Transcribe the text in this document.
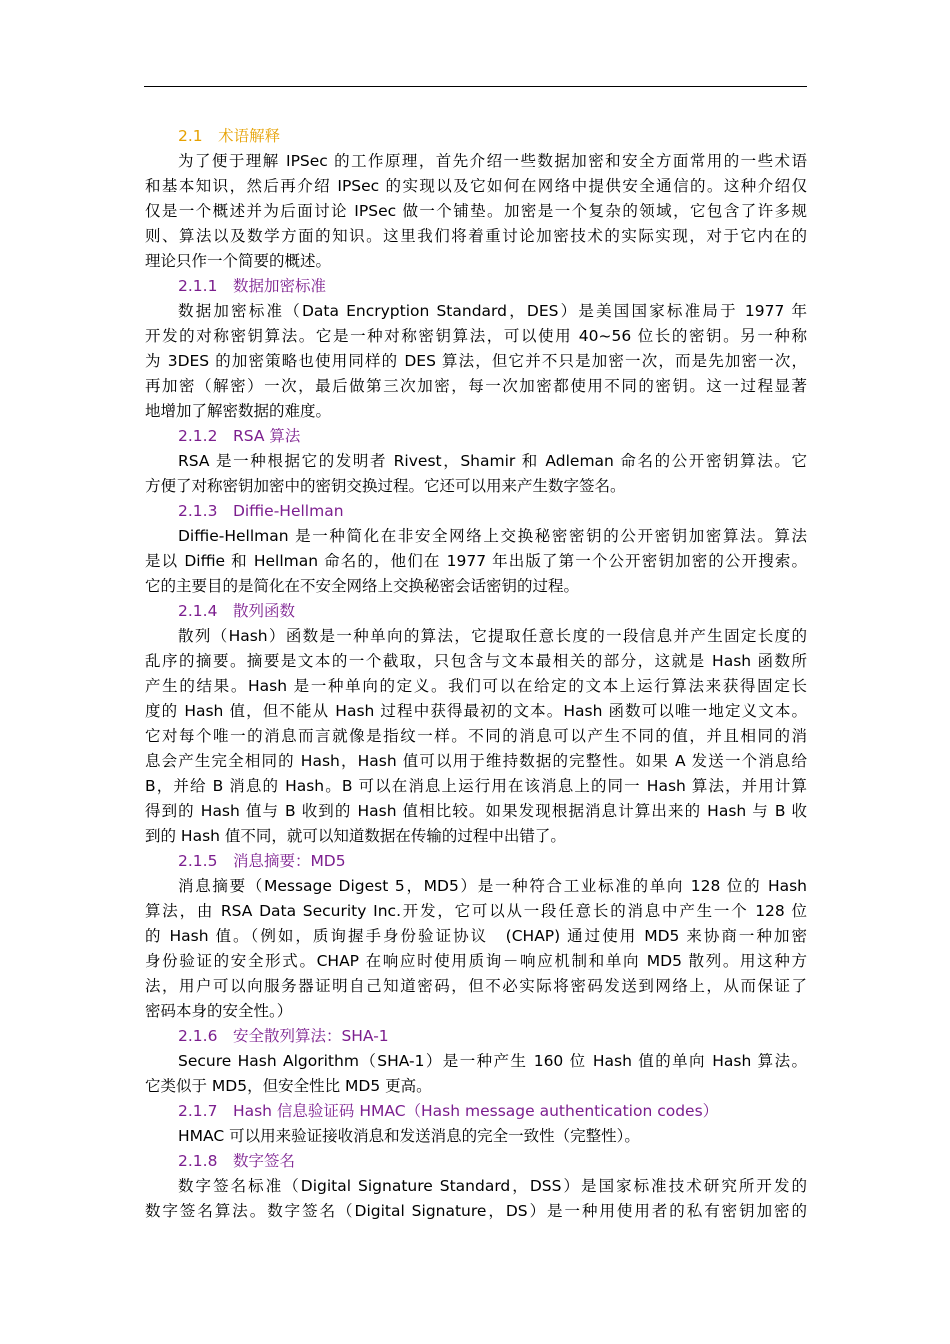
2.1　术语解释
为了便于理解 IPSec 的工作原理，首先介绍一些数据加密和安全方面常用的一些术语
和基本知识，然后再介绍 IPSec 的实现以及它如何在网络中提供安全通信的。这种介绍仅
仅是一个概述并为后面讨论 IPSec 做一个铺垫。加密是一个复杂的领域，它包含了许多规
则、算法以及数学方面的知识。这里我们将着重讨论加密技术的实际实现，对于它内在的
理论只作一个简要的概述。
2.1.1　数据加密标准
数据加密标准（Data Encryption Standard，DES）是美国国家标准局于 1977 年
开发的对称密钥算法。它是一种对称密钥算法，可以使用 40~56 位长的密钥。另一种称
为 3DES 的加密策略也使用同样的 DES 算法，但它并不只是加密一次，而是先加密一次，
再加密（解密）一次，最后做第三次加密，每一次加密都使用不同的密钥。这一过程显著
地增加了解密数据的难度。
2.1.2　RSA 算法
RSA 是一种根据它的发明者 Rivest，Shamir 和 Adleman 命名的公开密钥算法。它
方便了对称密钥加密中的密钥交换过程。它还可以用来产生数字签名。
2.1.3　Diffie-Hellman
Diffie-Hellman 是一种简化在非安全网络上交换秘密密钥的公开密钥加密算法。算法
是以 Diffie 和 Hellman 命名的，他们在 1977 年出版了第一个公开密钥加密的公开搜索。
它的主要目的是简化在不安全网络上交换秘密会话密钥的过程。
2.1.4　散列函数
散列（Hash）函数是一种单向的算法，它提取任意长度的一段信息并产生固定长度的
乱序的摘要。摘要是文本的一个截取，只包含与文本最相关的部分，这就是 Hash 函数所
产生的结果。Hash 是一种单向的定义。我们可以在给定的文本上运行算法来获得固定长
度的 Hash 值，但不能从 Hash 过程中获得最初的文本。Hash 函数可以唯一地定义文本。
它对每个唯一的消息而言就像是指纹一样。不同的消息可以产生不同的值，并且相同的消
息会产生完全相同的 Hash，Hash 值可以用于维持数据的完整性。如果 A 发送一个消息给
B，并给 B 消息的 Hash。B 可以在消息上运行用在该消息上的同一 Hash 算法，并用计算
得到的 Hash 值与 B 收到的 Hash 值相比较。如果发现根据消息计算出来的 Hash 与 B 收
到的 Hash 值不同，就可以知道数据在传输的过程中出错了。
2.1.5　消息摘要：MD5
消息摘要（Message Digest 5，MD5）是一种符合工业标准的单向 128 位的 Hash
算法，由 RSA Data Security Inc.开发，它可以从一段任意长的消息中产生一个 128 位
的 Hash 值。（例如，质询握手身份验证协议　(CHAP) 通过使用 MD5 来协商一种加密
身份验证的安全形式。CHAP 在响应时使用质询－响应机制和单向 MD5 散列。用这种方
法，用户可以向服务器证明自己知道密码，但不必实际将密码发送到网络上，从而保证了
密码本身的安全性。）
2.1.6　安全散列算法：SHA-1
Secure Hash Algorithm（SHA-1）是一种产生 160 位 Hash 值的单向 Hash 算法。
它类似于 MD5，但安全性比 MD5 更高。
2.1.7　Hash 信息验证码 HMAC（Hash message authentication codes）
HMAC 可以用来验证接收消息和发送消息的完全一致性（完整性）。
2.1.8　数字签名
数字签名标准（Digital Signature Standard，DSS）是国家标准技术研究所开发的
数字签名算法。数字签名（Digital Signature，DS）是一种用使用者的私有密钥加密的
